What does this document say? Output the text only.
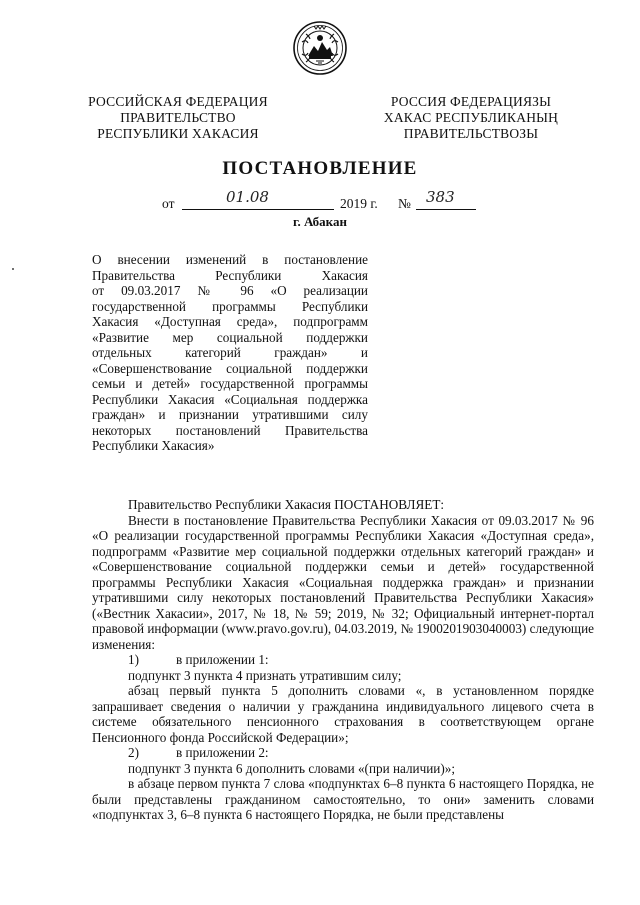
РОССИЙСКАЯ ФЕДЕРАЦИЯ
ПРАВИТЕЛЬСТВО
РЕСПУБЛИКИ ХАКАСИЯ
РОССИЯ ФЕДЕРАЦИЯЗЫ
ХАКАС РЕСПУБЛИКАНЫҢ
ПРАВИТЕЛЬСТВОЗЫ
ПОСТАНОВЛЕНИЕ
от	01.08	2019 г. № 383
г. Абакан
О внесении изменений в постановление
Правительства Республики Хакасия
от 09.03.2017 № 96 «О реализации
государственной программы Республики
Хакасия «Доступная среда», подпрограмм
«Развитие мер социальной поддержки
отдельных категорий граждан» и
«Совершенствование социальной поддержки
семьи и детей» государственной программы
Республики Хакасия «Социальная поддержка
граждан» и признании утратившими силу
некоторых постановлений Правительства
Республики Хакасия»

Правительство Республики Хакасия ПОСТАНОВЛЯЕТ:

Внести в постановление Правительства Республики Хакасия от 09.03.2017 № 96 «О реализации государственной программы Республики Хакасия «Доступная среда», подпрограмм «Развитие мер социальной поддержки отдельных категорий граждан» и «Совершенствование социальной поддержки семьи и детей» государственной программы Республики Хакасия «Социальная поддержка граждан» и признании утратившими силу некоторых постановлений Правительства Республики Хакасия» («Вестник Хакасии», 2017, № 18, № 59; 2019, № 32; Официальный интернет-портал правовой информации (www.pravo.gov.ru), 04.03.2019, № 1900201903040003) следующие изменения:

1)	в приложении 1:

подпункт 3 пункта 4 признать утратившим силу;

абзац первый пункта 5 дополнить словами «, в установленном порядке запрашивает сведения о наличии у гражданина индивидуального лицевого счета в системе обязательного пенсионного страхования в соответствующем органе Пенсионного фонда Российской Федерации»;

2)	в приложении 2:

подпункт 3 пункта 6 дополнить словами «(при наличии)»;

в абзаце первом пункта 7 слова «подпунктах 6–8 пункта 6 настоящего Порядка, не были представлены гражданином самостоятельно, то они» заменить словами «подпунктах 3, 6–8 пункта 6 настоящего Порядка, не были представлены
